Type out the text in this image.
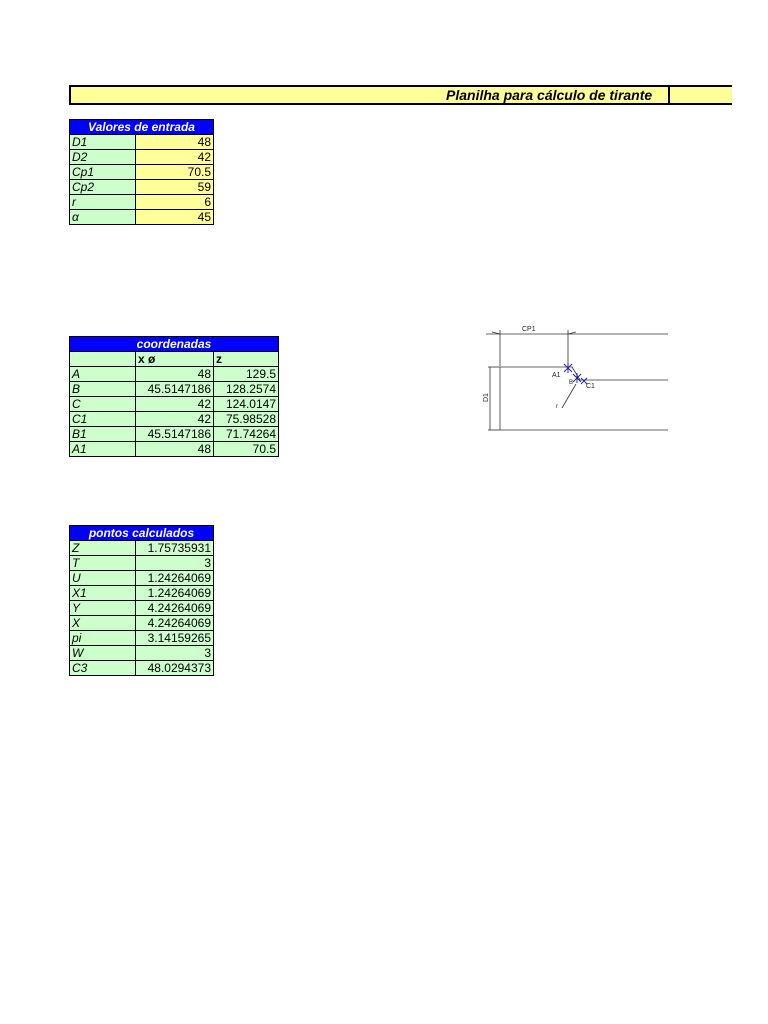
Planilha para cálculo de tirante
Valores de entrada	
D1	48
D2	42
Cp1	70.5
Cp2	59
r	6
α	45
coordenadas		
	x ø	z
A	48	129.5
B	45.5147186	128.2574
C	42	124.0147
C1	42	75.98528
B1	45.5147186	71.74264
A1	48	70.5
pontos calculados	
Z	1.75735931
T	3
U	1.24264069
X1	1.24264069
Y	4.24264069
X	4.24264069
pi	3.14159265
W	3
C3	48.0294373
CP1
D1
A1
C1
B
r
